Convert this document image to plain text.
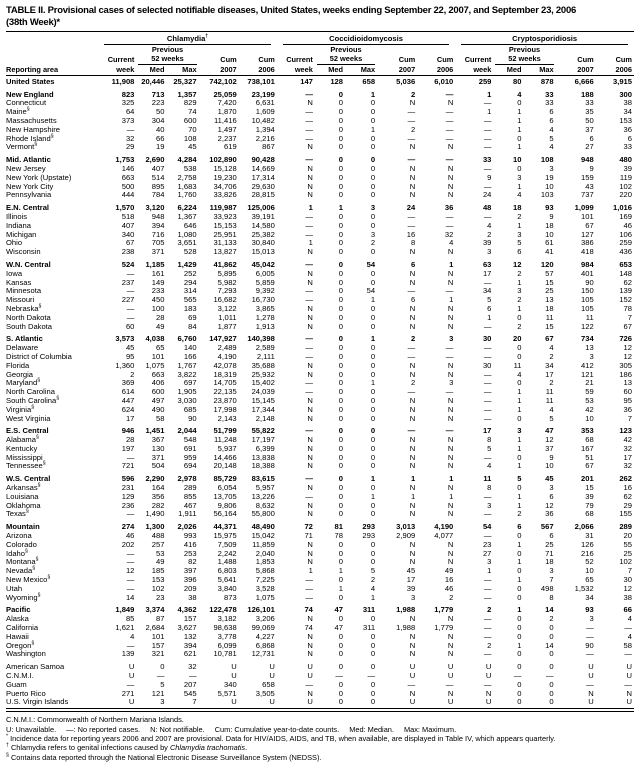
TABLE II. Provisional cases of selected notifiable diseases, United States, weeks ending September 22, 2007, and September 23, 2006
(38th Week)*

	Chlamydia†					Coccidioidomycosis					Cryptosporidiosis				

		Previous					Previous					Previous			
	Current	52 weeks		Cum	Cum	Current	52 weeks		Cum	Cum	Current	52 weeks		Cum	Cum
Reporting area	week	Med	Max	2007	2006	week	Med	Max	2007	2006	week	Med	Max	2007	2006
United States	11,908	20,446	25,327	742,102	738,101	147	128	658	5,036	6,010	259	80	878	6,666	3,915

New England	823	713	1,357	25,059	23,199	—	0	1	2	—	1	4	33	188	300
Connecticut	325	223	829	7,420	6,631	N	0	0	N	N	—	0	33	33	38
Maine§	64	50	74	1,870	1,609	—	0	0	—	—	1	1	6	35	34
Massachusetts	373	304	600	11,416	10,482	—	0	0	—	—	—	1	6	50	153
New Hampshire	—	40	70	1,497	1,394	—	0	1	2	—	—	1	4	37	36
Rhode Island§	32	66	108	2,237	2,216	—	0	0	—	—	—	0	5	6	6
Vermont§	29	19	45	619	867	N	0	0	N	N	—	1	4	27	33

Mid. Atlantic	1,753	2,690	4,284	102,890	90,428	—	0	0	—	—	33	10	108	948	480
New Jersey	146	407	538	15,128	14,669	N	0	0	N	N	—	0	3	9	39
New York (Upstate)	663	514	2,758	19,230	17,314	N	0	0	N	N	9	3	19	159	119
New York City	500	895	1,683	34,706	29,630	N	0	0	N	N	—	1	10	43	102
Pennsylvania	444	784	1,760	33,826	28,815	N	0	0	N	N	24	4	103	737	220

E.N. Central	1,570	3,120	6,224	119,987	125,006	1	1	3	24	36	48	18	93	1,099	1,016
Illinois	518	948	1,367	33,923	39,191	—	0	0	—	—	—	2	9	101	169
Indiana	407	394	646	15,153	14,580	—	0	0	—	—	4	1	18	67	46
Michigan	340	716	1,080	25,951	25,382	—	0	3	16	32	2	3	10	127	106
Ohio	67	705	3,651	31,133	30,840	1	0	2	8	4	39	5	61	386	259
Wisconsin	238	371	528	13,827	15,013	N	0	0	N	N	3	6	41	418	436

W.N. Central	524	1,185	1,429	41,862	45,042	—	0	54	6	1	63	12	120	984	653
Iowa	—	161	252	5,895	6,005	N	0	0	N	N	17	2	57	401	148
Kansas	237	149	294	5,982	5,859	N	0	0	N	N	—	1	15	90	62
Minnesota	—	233	314	7,293	9,392	—	0	54	—	—	34	3	25	150	139
Missouri	227	450	565	16,682	16,730	—	0	1	6	1	5	2	13	105	152
Nebraska§	—	100	183	3,122	3,865	N	0	0	N	N	6	1	18	105	78
North Dakota	—	28	69	1,011	1,278	N	0	0	N	N	1	0	11	11	7
South Dakota	60	49	84	1,877	1,913	N	0	0	N	N	—	2	15	122	67

S. Atlantic	3,573	4,038	6,760	147,927	140,398	—	0	1	2	3	30	20	67	734	726
Delaware	45	65	140	2,489	2,589	—	0	0	—	—	—	0	4	13	12
District of Columbia	95	101	166	4,190	2,111	—	0	0	—	—	—	0	2	3	12
Florida	1,360	1,075	1,767	42,078	35,688	N	0	0	N	N	30	11	34	412	305
Georgia	2	663	3,822	18,319	25,932	N	0	0	N	N	—	4	17	121	186
Maryland§	369	406	697	14,705	15,402	—	0	1	2	3	—	0	2	21	13
North Carolina	614	600	1,905	22,135	24,039	—	0	0	—	—	—	1	11	59	60
South Carolina§	447	497	3,030	23,870	15,145	N	0	0	N	N	—	1	11	53	95
Virginia§	624	490	685	17,998	17,344	N	0	0	N	N	—	1	4	42	36
West Virginia	17	58	90	2,143	2,148	N	0	0	N	N	—	0	5	10	7

E.S. Central	946	1,451	2,044	51,799	55,822	—	0	0	—	—	17	3	47	353	123
Alabama§	28	367	548	11,248	17,197	N	0	0	N	N	8	1	12	68	42
Kentucky	197	130	691	5,937	6,399	N	0	0	N	N	5	1	37	167	32
Mississippi	—	371	959	14,466	13,838	N	0	0	N	N	—	0	9	51	17
Tennessee§	721	504	694	20,148	18,388	N	0	0	N	N	4	1	10	67	32

W.S. Central	596	2,290	2,978	85,729	83,615	—	0	1	1	1	11	5	45	201	262
Arkansas§	231	164	289	6,054	5,957	N	0	0	N	N	8	0	3	15	16
Louisiana	129	356	855	13,705	13,226	—	0	1	1	1	—	1	6	39	62
Oklahoma	236	282	467	9,806	8,632	N	0	0	N	N	3	1	12	79	29
Texas§	—	1,490	1,911	56,164	55,800	N	0	0	N	N	—	2	36	68	155

Mountain	274	1,300	2,026	44,371	48,490	72	81	293	3,013	4,190	54	6	567	2,066	289
Arizona	46	488	993	15,975	15,042	71	78	293	2,909	4,077	—	0	6	31	20
Colorado	202	257	416	7,509	11,859	N	0	0	N	N	23	1	25	126	55
Idaho§	—	53	253	2,242	2,040	N	0	0	N	N	27	0	71	216	25
Montana§	—	49	82	1,488	1,853	N	0	0	N	N	3	1	18	52	102
Nevada§	12	185	397	6,803	5,868	1	1	5	45	49	1	0	3	10	7
New Mexico§	—	153	396	5,641	7,225	—	0	2	17	16	—	1	7	65	30
Utah	—	102	209	3,840	3,528	—	1	4	39	46	—	0	498	1,532	12
Wyoming§	14	23	38	873	1,075	—	0	1	3	2	—	0	8	34	38

Pacific	1,849	3,374	4,362	122,478	126,101	74	47	311	1,988	1,779	2	1	14	93	66
Alaska	85	87	157	3,182	3,206	N	0	0	N	N	—	0	2	3	4
California	1,621	2,684	3,627	98,638	99,069	74	47	311	1,988	1,779	—	0	0	—	—
Hawaii	4	101	132	3,778	4,227	N	0	0	N	N	—	0	0	—	4
Oregon§	—	157	394	6,099	6,868	N	0	0	N	N	2	1	14	90	58
Washington	139	321	621	10,781	12,731	N	0	0	N	N	—	0	0	—	—

American Samoa	U	0	32	U	U	U	0	0	U	U	U	0	0	U	U
C.N.M.I.	U	—	—	U	U	U	—	—	U	U	U	—	—	U	U
Guam	—	5	207	340	658	—	0	0	—	—	—	0	0	—	—
Puerto Rico	271	121	545	5,571	3,505	N	0	0	N	N	N	0	0	N	N
U.S. Virgin Islands	U	3	7	U	U	U	0	0	U	U	U	0	0	U	U
C.N.M.I.: Commonwealth of Northern Mariana Islands.
U: Unavailable. —: No reported cases. N: Not notifiable. Cum: Cumulative year-to-date counts. Med: Median. Max: Maximum.
* Incidence data for reporting years 2006 and 2007 are provisional. Data for HIV/AIDS, AIDS, and TB, when available, are displayed in Table IV, which appears quarterly.
† Chlamydia refers to genital infections caused by Chlamydia trachomatis.
§ Contains data reported through the National Electronic Disease Surveillance System (NEDSS).
